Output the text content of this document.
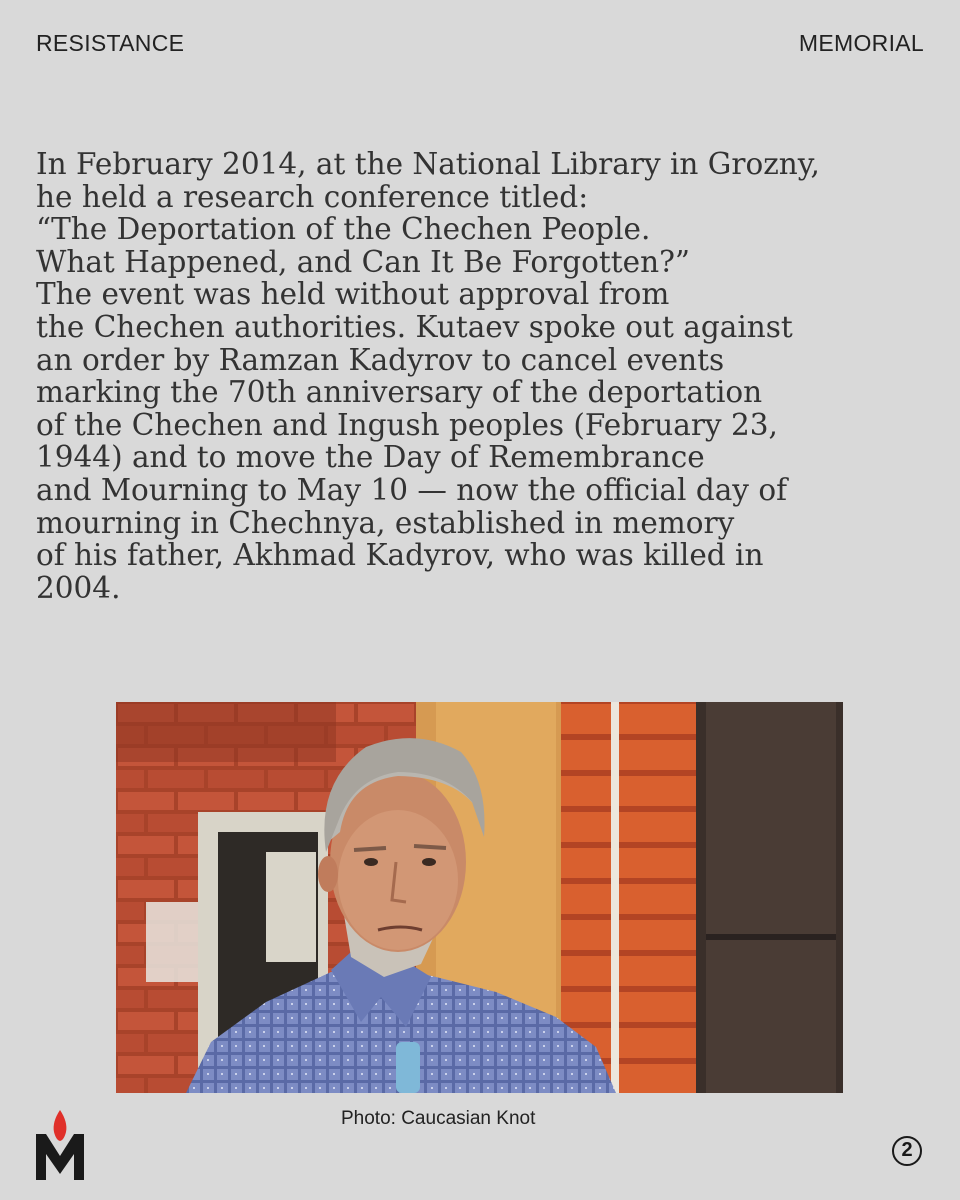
RESISTANCE	MEMORIAL

In February 2014, at the National Library in Grozny,
he held a research conference titled:
“The Deportation of the Chechen People.
What Happened, and Can It Be Forgotten?”
The event was held without approval from
the Chechen authorities. Kutaev spoke out against
an order by Ramzan Kadyrov to cancel events
marking the 70th anniversary of the deportation
of the Chechen and Ingush peoples (February 23,
1944) and to move the Day of Remembrance
and Mourning to May 10 — now the official day of
mourning in Chechnya, established in memory
of his father, Akhmad Kadyrov, who was killed in
2004.

Photo: Caucasian Knot
2
